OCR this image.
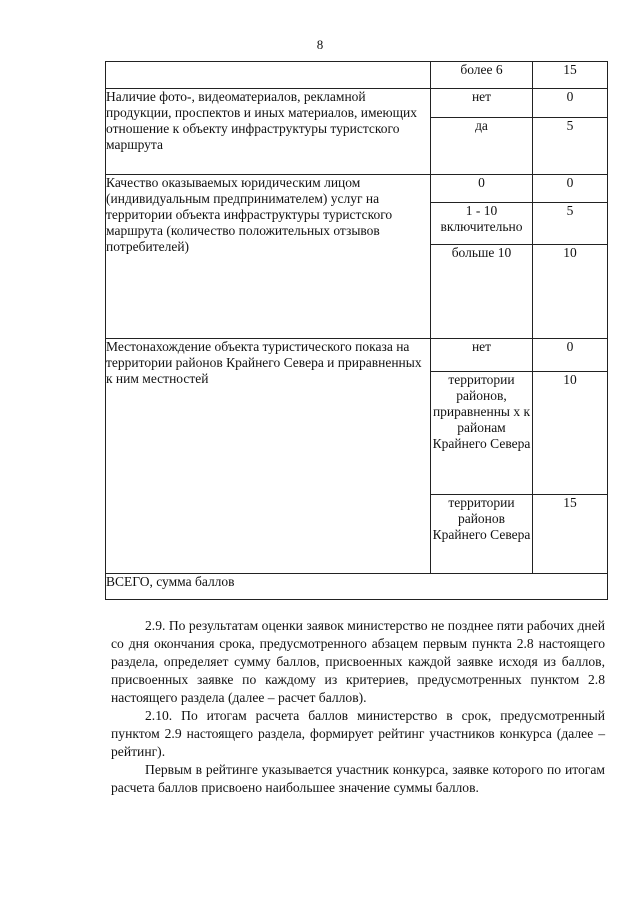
8
	более 6	15
Наличие фото-, видеоматериалов, рекламной продукции, проспектов и иных материалов, имеющих отношение к объекту инфраструктуры туристского маршрута	нет	0
	да	5
Качество оказываемых юридическим лицом (индивидуальным предпринимателем) услуг на территории объекта инфраструктуры туристского маршрута (количество положительных отзывов потребителей)	0	0
	1 - 10 включительно	5
	больше 10	10
Местонахождение объекта туристического показа на территории районов Крайнего Севера и приравненных к ним местностей	нет	0
	территории районов, приравненны х к районам Крайнего Севера	10
	территории районов Крайнего Севера	15
ВСЕГО, сумма баллов		

2.9. По результатам оценки заявок министерство не позднее пяти рабочих дней со дня окончания срока, предусмотренного абзацем первым пункта 2.8 настоящего раздела, определяет сумму баллов, присвоенных каждой заявке исходя из баллов, присвоенных заявке по каждому из критериев, предусмотренных пунктом 2.8 настоящего раздела (далее – расчет баллов).

2.10. По итогам расчета баллов министерство в срок, предусмотренный пунктом 2.9 настоящего раздела, формирует рейтинг участников конкурса (далее – рейтинг).

Первым в рейтинге указывается участник конкурса, заявке которого по итогам расчета баллов присвоено наибольшее значение суммы баллов.
